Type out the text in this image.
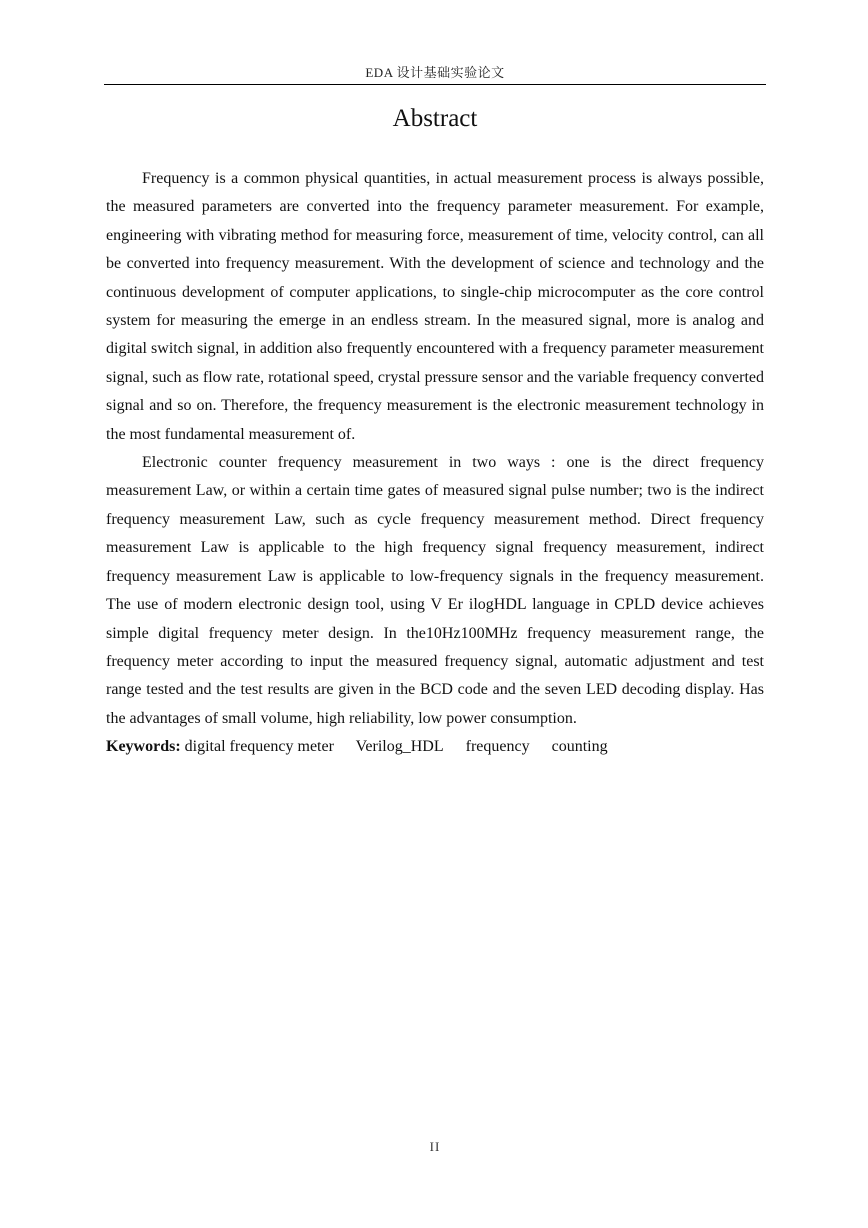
EDA 设计基础实验论文
Abstract

Frequency is a common physical quantities, in actual measurement process is always possible, the measured parameters are converted into the frequency parameter measurement. For example, engineering with vibrating method for measuring force, measurement of time, velocity control, can all be converted into frequency measurement. With the development of science and technology and the continuous development of computer applications, to single-chip microcomputer as the core control system for measuring the emerge in an endless stream. In the measured signal, more is analog and digital switch signal, in addition also frequently encountered with a frequency parameter measurement signal, such as flow rate, rotational speed, crystal pressure sensor and the variable frequency converted signal and so on. Therefore, the frequency measurement is the electronic measurement technology in the most fundamental measurement of.

Electronic counter frequency measurement in two ways : one is the direct frequency measurement Law, or within a certain time gates of measured signal pulse number; two is the indirect frequency measurement Law, such as cycle frequency measurement method. Direct frequency measurement Law is applicable to the high frequency signal frequency measurement, indirect frequency measurement Law is applicable to low-frequency signals in the frequency measurement. The use of modern electronic design tool, using V Er ilogHDL language in CPLD device achieves simple digital frequency meter design. In the10Hz100MHz frequency measurement range, the frequency meter according to input the measured frequency signal, automatic adjustment and test range tested and the test results are given in the BCD code and the seven LED decoding display. Has the advantages of small volume, high reliability, low power consumption.

Keywords: digital frequency meter Verilog_HDL frequency counting

II
